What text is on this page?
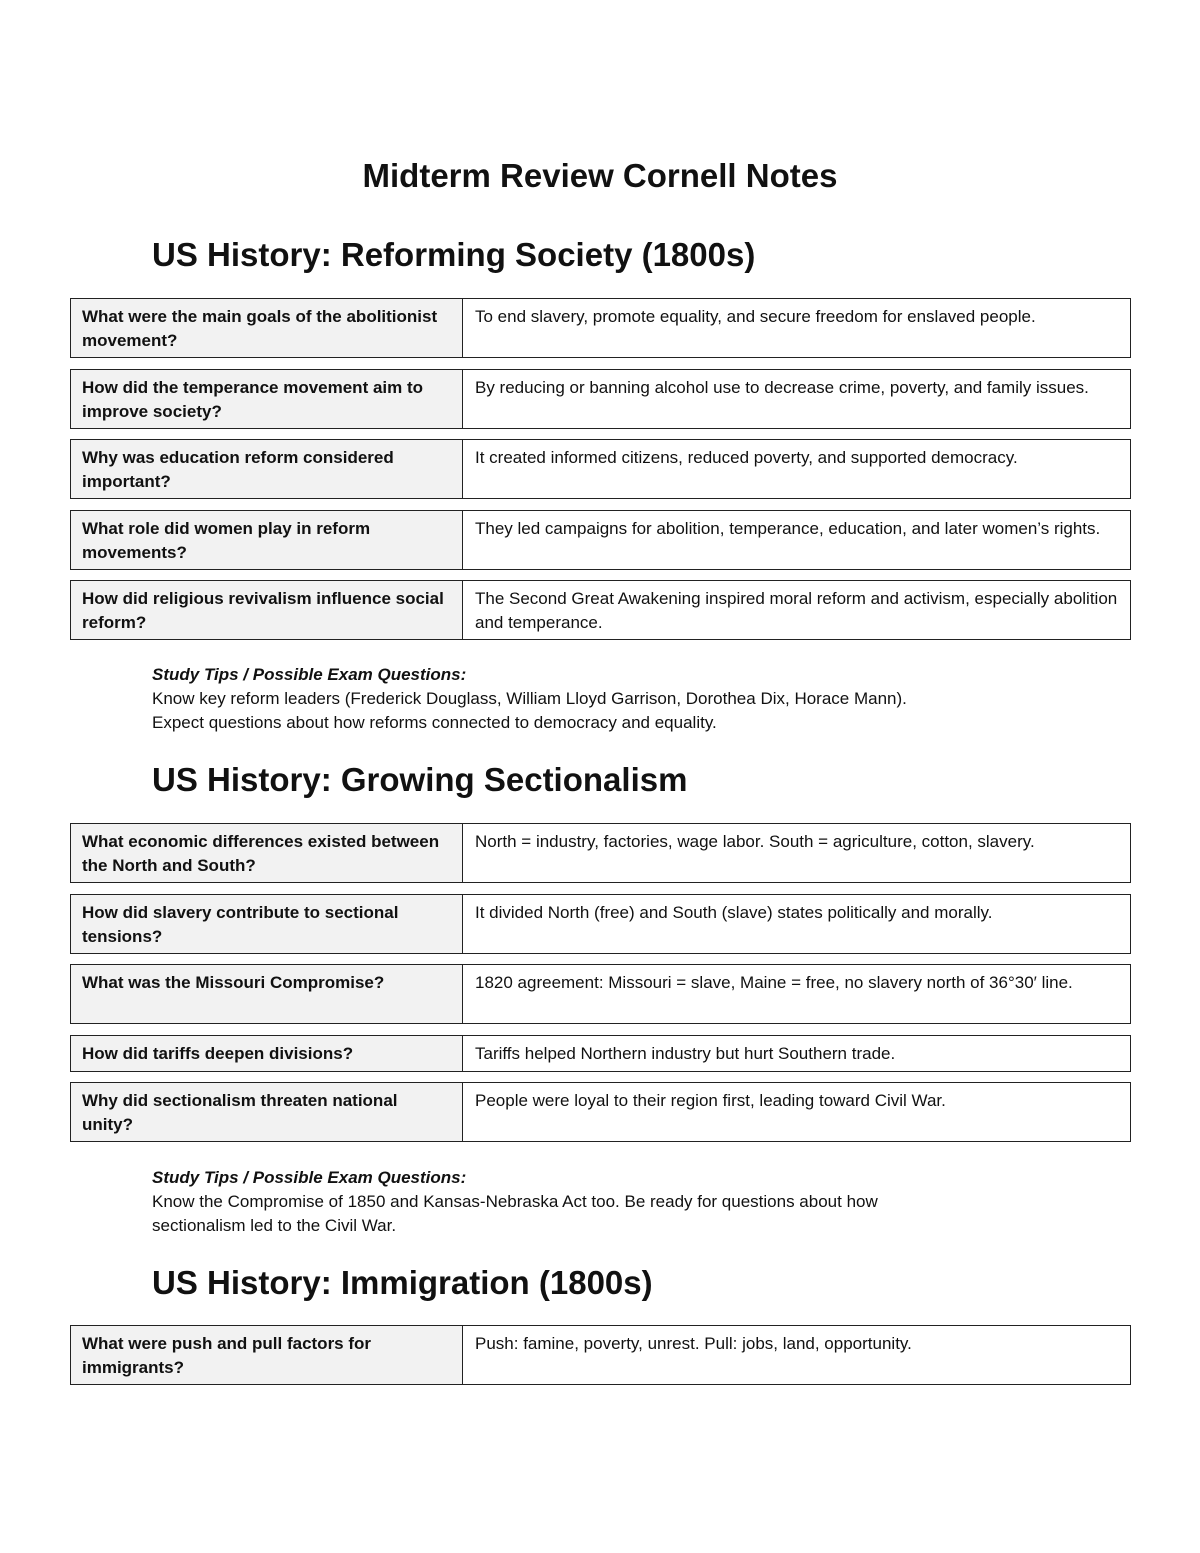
Midterm Review Cornell Notes
US History: Reforming Society (1800s)
What were the main goals of the abolitionist movement?
To end slavery, promote equality, and secure freedom for enslaved people.
How did the temperance movement aim to improve society?
By reducing or banning alcohol use to decrease crime, poverty, and family issues.
Why was education reform considered important?
It created informed citizens, reduced poverty, and supported democracy.
What role did women play in reform movements?
They led campaigns for abolition, temperance, education, and later women’s rights.
How did religious revivalism influence social reform?
The Second Great Awakening inspired moral reform and activism, especially abolition and temperance.
Study Tips / Possible Exam Questions:
Know key reform leaders (Frederick Douglass, William Lloyd Garrison, Dorothea Dix, Horace Mann).
Expect questions about how reforms connected to democracy and equality.
US History: Growing Sectionalism
What economic differences existed between the North and South?
North = industry, factories, wage labor. South = agriculture, cotton, slavery.
How did slavery contribute to sectional tensions?
It divided North (free) and South (slave) states politically and morally.
What was the Missouri Compromise?	1820 agreement: Missouri = slave, Maine = free, no slavery north of 36°30′ line.
How did tariffs deepen divisions?	Tariffs helped Northern industry but hurt Southern trade.
Why did sectionalism threaten national unity?
People were loyal to their region first, leading toward Civil War.
Study Tips / Possible Exam Questions:
Know the Compromise of 1850 and Kansas-Nebraska Act too. Be ready for questions about how
sectionalism led to the Civil War.
US History: Immigration (1800s)
What were push and pull factors for immigrants?
Push: famine, poverty, unrest. Pull: jobs, land, opportunity.
